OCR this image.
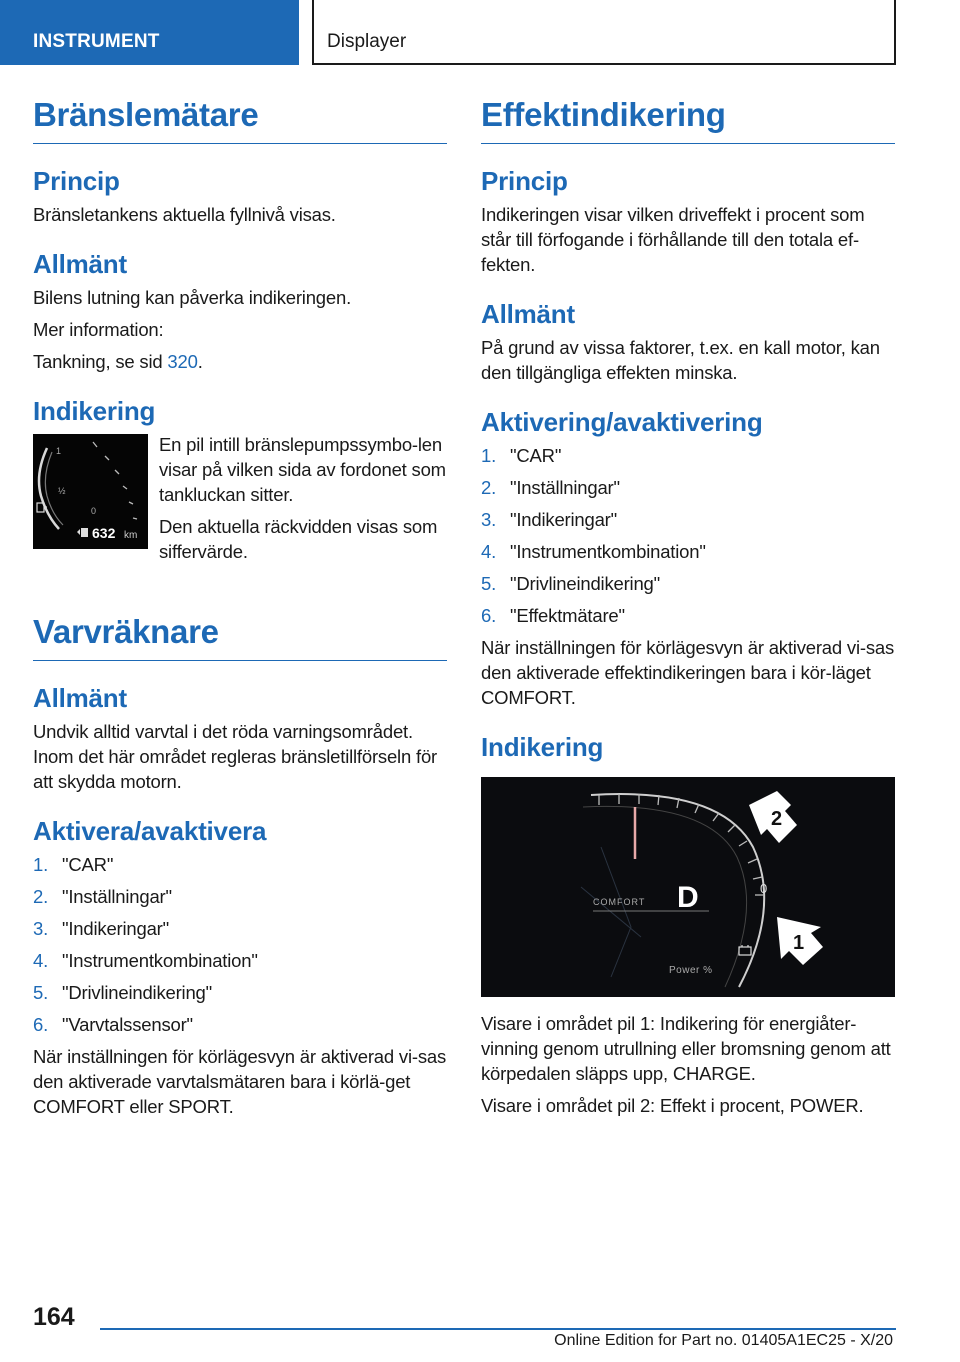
INSTRUMENT	Displayer
Bränslemätare
Princip

Bränsletankens aktuella fyllnivå visas.

Allmänt

Bilens lutning kan påverka indikeringen.

Mer information:

Tankning, se sid 320.

Indikering
1
½
0
632 km

En pil intill bränslepumpssymbo-len visar på vilken sida av fordonet som tankluckan sitter.

Den aktuella räckvidden visas som siffervärde.

Varvräknare
Allmänt

Undvik alltid varvtal i det röda varningsområdet. Inom det här området regleras bränsletillförseln för att skydda motorn.

Aktivera/avaktivera
1. "CAR"
2. "Inställningar"
3. "Indikeringar"
4. "Instrumentkombination"
5. "Drivlineindikering"
6. "Varvtalssensor"

När inställningen för körlägesvyn är aktiverad vi-sas den aktiverade varvtalsmätaren bara i körlä-get COMFORT eller SPORT.

Effektindikering
Princip

Indikeringen visar vilken driveffekt i procent som står till förfogande i förhållande till den totala ef-fekten.

Allmänt

På grund av vissa faktorer, t.ex. en kall motor, kan den tillgängliga effekten minska.

Aktivering/avaktivering
1. "CAR"
2. "Inställningar"
3. "Indikeringar"
4. "Instrumentkombination"
5. "Drivlineindikering"
6. "Effektmätare"

När inställningen för körlägesvyn är aktiverad vi-sas den aktiverade effektindikeringen bara i kör-läget COMFORT.

Indikering
COMFORT D	0
Power %
2
1

Visare i området pil 1: Indikering för energiåter-vinning genom utrullning eller bromsning genom att körpedalen släpps upp, CHARGE.

Visare i området pil 2: Effekt i procent, POWER.

164
Online Edition for Part no. 01405A1EC25 - X/20
